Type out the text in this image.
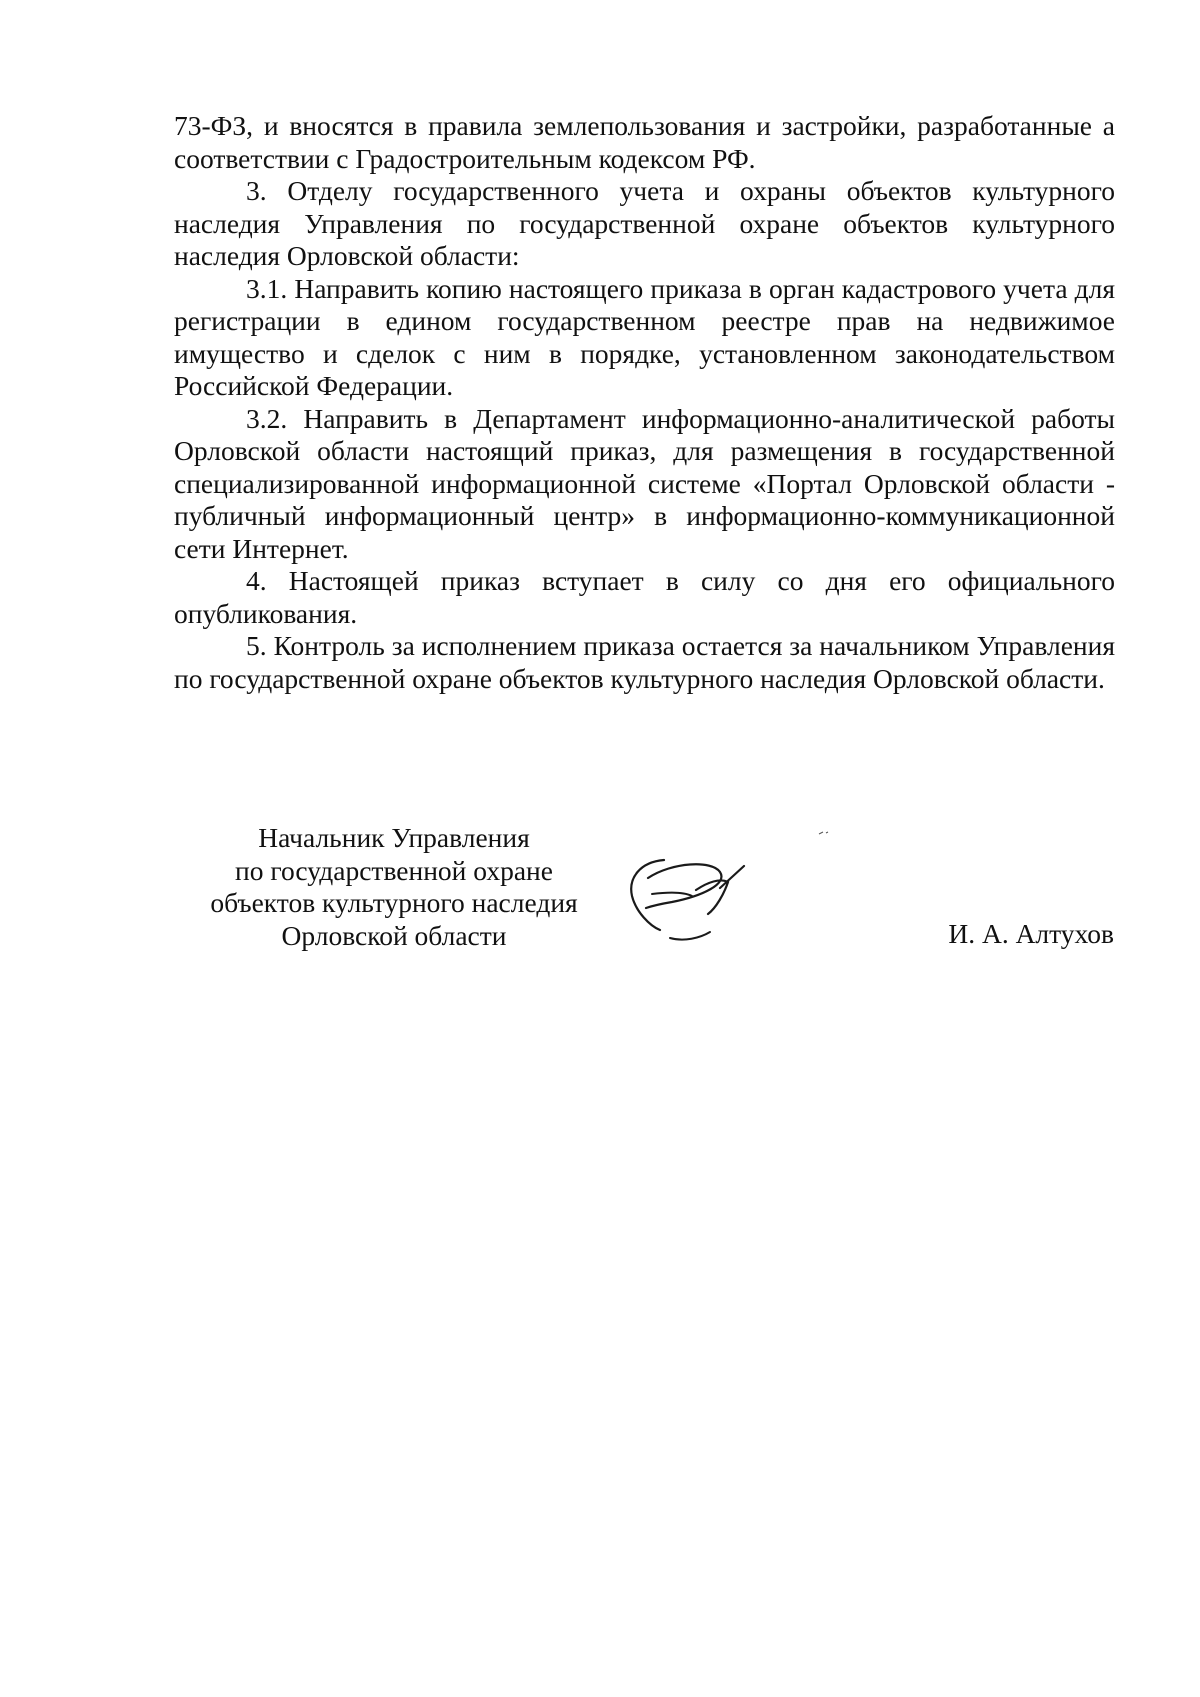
73-ФЗ, и вносятся в правила землепользования и застройки, разработанные а соответствии с Градостроительным кодексом РФ.

3. Отделу государственного учета и охраны объектов культурного наследия Управления по государственной охране объектов культурного наследия Орловской области:

3.1. Направить копию настоящего приказа в орган кадастрового учета для регистрации в едином государственном реестре прав на недвижимое имущество и сделок с ним в порядке, установленном законодательством Российской Федерации.

3.2. Направить в Департамент информационно-аналитической работы Орловской области настоящий приказ, для размещения в государственной специализированной информационной системе «Портал Орловской области - публичный информационный центр» в информационно-коммуникационной сети Интернет.

4. Настоящей приказ вступает в силу со дня его официального опубликования.

5. Контроль за исполнением приказа остается за начальником Управления по государственной охране объектов культурного наследия Орловской области.

Начальник Управления
по государственной охране
объектов культурного наследия
Орловской области	И. А. Алтухов
